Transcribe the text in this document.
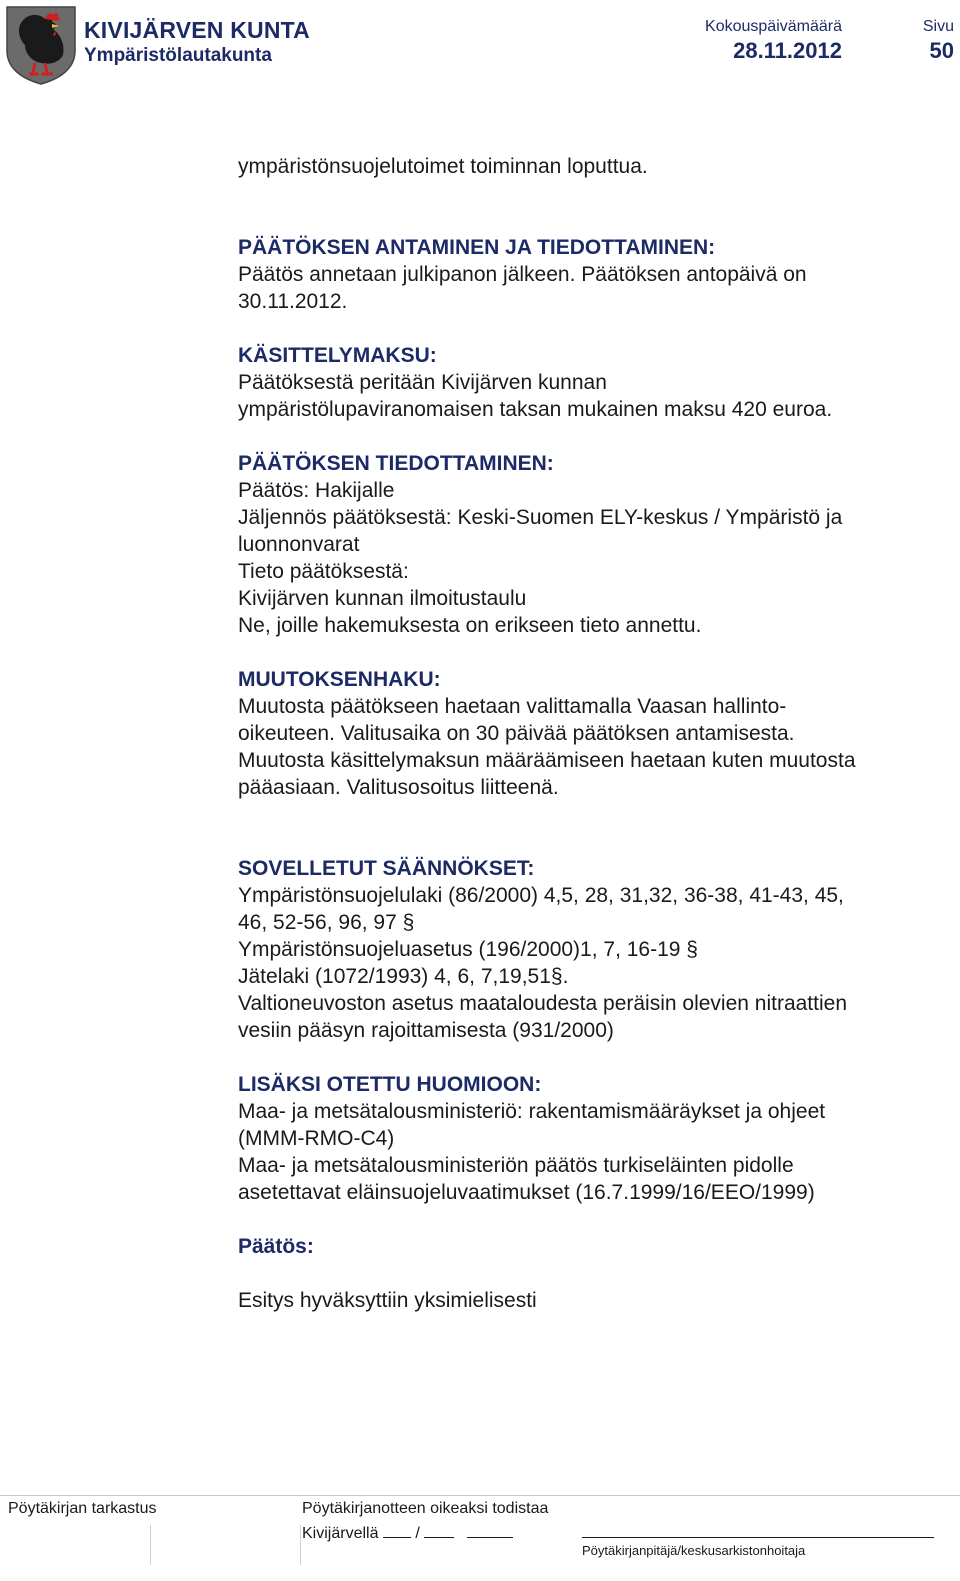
KIVIJÄRVEN KUNTA
Ympäristölautakunta
Kokouspäivämäärä
28.11.2012
Sivu
50

ympäristönsuojelutoimet toiminnan loputtua.

PÄÄTÖKSEN ANTAMINEN JA TIEDOTTAMINEN:

Päätös annetaan julkipanon jälkeen. Päätöksen antopäivä on

30.11.2012.

KÄSITTELYMAKSU:

Päätöksestä peritään Kivijärven kunnan

ympäristölupaviranomaisen taksan mukainen maksu 420 euroa.

PÄÄTÖKSEN TIEDOTTAMINEN:

Päätös: Hakijalle

Jäljennös päätöksestä: Keski-Suomen ELY-keskus / Ympäristö ja

luonnonvarat

Tieto päätöksestä:

Kivijärven kunnan ilmoitustaulu

Ne, joille hakemuksesta on erikseen tieto annettu.

MUUTOKSENHAKU:

Muutosta päätökseen haetaan valittamalla Vaasan hallinto-

oikeuteen. Valitusaika on 30 päivää päätöksen antamisesta.

Muutosta käsittelymaksun määräämiseen haetaan kuten muutosta

pääasiaan. Valitusosoitus liitteenä.

SOVELLETUT SÄÄNNÖKSET:

Ympäristönsuojelulaki (86/2000) 4,5, 28, 31,32, 36-38, 41-43, 45,

46, 52-56, 96, 97 §

Ympäristönsuojeluasetus (196/2000)1, 7, 16-19 §

Jätelaki (1072/1993) 4, 6, 7,19,51§.

Valtioneuvoston asetus maataloudesta peräisin olevien nitraattien

vesiin pääsyn rajoittamisesta (931/2000)

LISÄKSI OTETTU HUOMIOON:

Maa- ja metsätalousministeriö: rakentamismääräykset ja ohjeet

(MMM-RMO-C4)

Maa- ja metsätalousministeriön päätös turkiseläinten pidolle

asetettavat eläinsuojeluvaatimukset (16.7.1999/16/EEO/1999)

Päätös:

Esitys hyväksyttiin yksimielisesti

Pöytäkirjan tarkastus	Pöytäkirjanotteen oikeaksi todistaa
Kivijärvellä /
Pöytäkirjanpitäjä/keskusarkistonhoitaja
